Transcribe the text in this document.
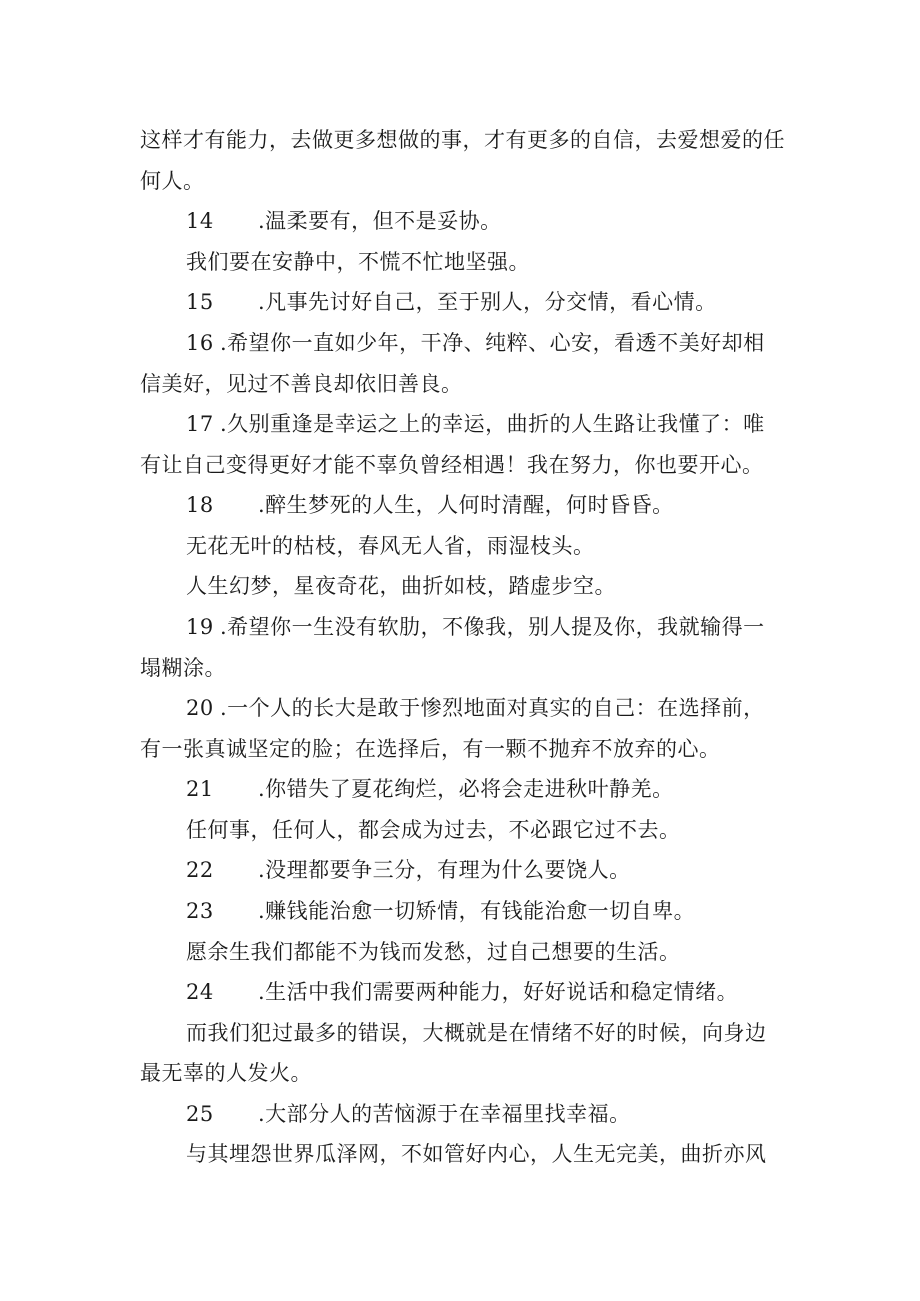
这样才有能力，去做更多想做的事，才有更多的自信，去爱想爱的任
何人。
14 .温柔要有，但不是妥协。
我们要在安静中，不慌不忙地坚强。
15 .凡事先讨好自己，至于别人，分交情，看心情。
16 .希望你一直如少年，干净、纯粹、心安，看透不美好却相
信美好，见过不善良却依旧善良。
17 .久别重逢是幸运之上的幸运，曲折的人生路让我懂了：唯
有让自己变得更好才能不辜负曾经相遇！我在努力，你也要开心。
18 .醉生梦死的人生，人何时清醒，何时昏昏。
无花无叶的枯枝，春风无人省，雨湿枝头。
人生幻梦，星夜奇花，曲折如枝，踏虚步空。
19 .希望你一生没有软肋，不像我，别人提及你，我就输得一
塌糊涂。
20 .一个人的长大是敢于惨烈地面对真实的自己：在选择前，
有一张真诚坚定的脸；在选择后，有一颗不抛弃不放弃的心。
21 .你错失了夏花绚烂，必将会走进秋叶静羌。
任何事，任何人，都会成为过去，不必跟它过不去。
22 .没理都要争三分，有理为什么要饶人。
23 .赚钱能治愈一切矫情，有钱能治愈一切自卑。
愿余生我们都能不为钱而发愁，过自己想要的生活。
24 .生活中我们需要两种能力，好好说话和稳定情绪。
而我们犯过最多的错误，大概就是在情绪不好的时候，向身边
最无辜的人发火。
25 .大部分人的苦恼源于在幸福里找幸福。
与其埋怨世界瓜泽网，不如管好内心，人生无完美，曲折亦风
